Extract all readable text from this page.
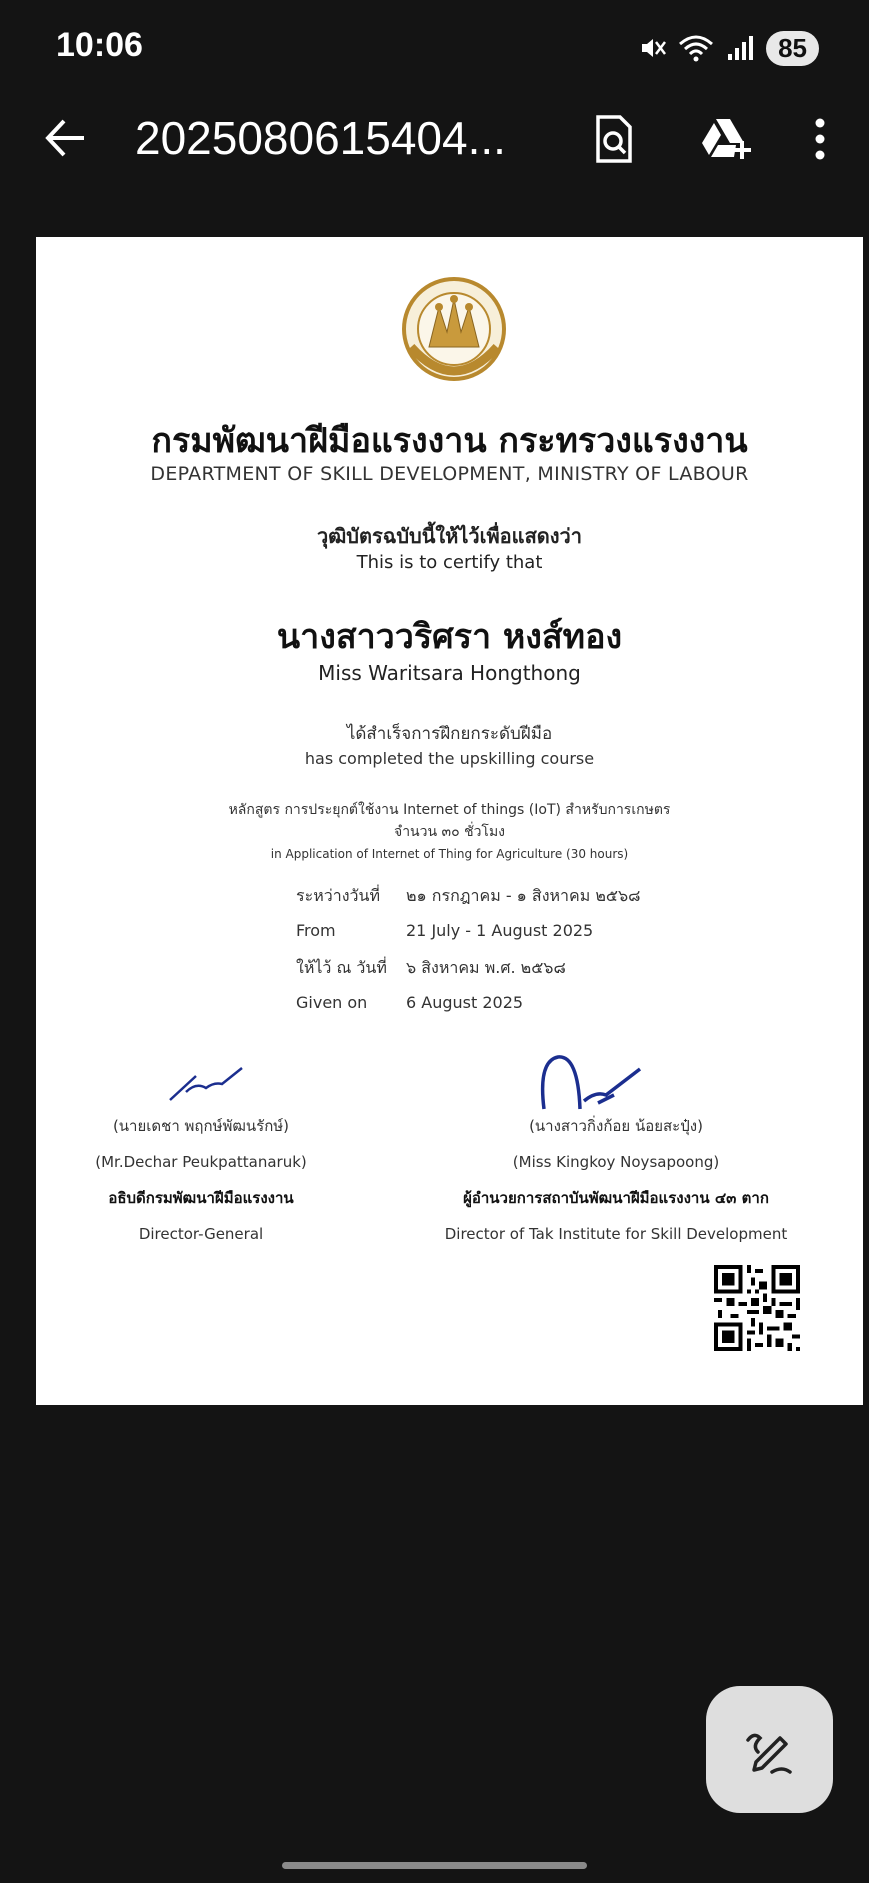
10:06	85
2025080615404...
กรมพัฒนาฝีมือแรงงาน กระทรวงแรงงาน
DEPARTMENT OF SKILL DEVELOPMENT, MINISTRY OF LABOUR
วุฒิบัตรฉบับนี้ให้ไว้เพื่อแสดงว่า
This is to certify that
นางสาววริศรา หงส์ทอง
Miss Waritsara Hongthong
ได้สำเร็จการฝึกยกระดับฝีมือ
has completed the upskilling course
หลักสูตร การประยุกต์ใช้งาน Internet of things (IoT) สำหรับการเกษตร
จำนวน ๓๐ ชั่วโมง
in Application of Internet of Thing for Agriculture (30 hours)
ระหว่างวันที่ ๒๑ กรกฎาคม - ๑ สิงหาคม ๒๕๖๘
From	21 July - 1 August 2025
ให้ไว้ ณ วันที่ ๖ สิงหาคม พ.ศ. ๒๕๖๘
Given on 6 August 2025
(นายเดชา พฤกษ์พัฒนรักษ์)
(Mr.Dechar Peukpattanaruk)
อธิบดีกรมพัฒนาฝีมือแรงงาน
Director-General
(นางสาวกิ่งก้อย น้อยสะปุ๋ง)
(Miss Kingkoy Noysapoong)
ผู้อำนวยการสถาบันพัฒนาฝีมือแรงงาน ๔๓ ตาก
Director of Tak Institute for Skill Development
